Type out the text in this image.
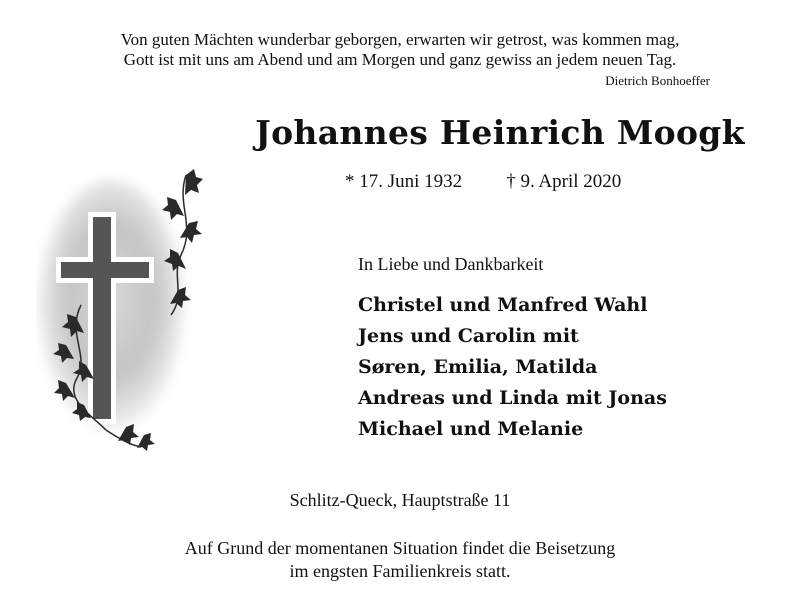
Von guten Mächten wunderbar geborgen, erwarten wir getrost, was kommen mag,
Gott ist mit uns am Abend und am Morgen und ganz gewiss an jedem neuen Tag.
Dietrich Bonhoeffer
Johannes Heinrich Moogk
* 17. Juni 1932 † 9. April 2020
In Liebe und Dankbarkeit
Christel und Manfred Wahl
Jens und Carolin mit
Søren, Emilia, Matilda
Andreas und Linda mit Jonas
Michael und Melanie
Schlitz-Queck, Hauptstraße 11
Auf Grund der momentanen Situation findet die Beisetzung
im engsten Familienkreis statt.
